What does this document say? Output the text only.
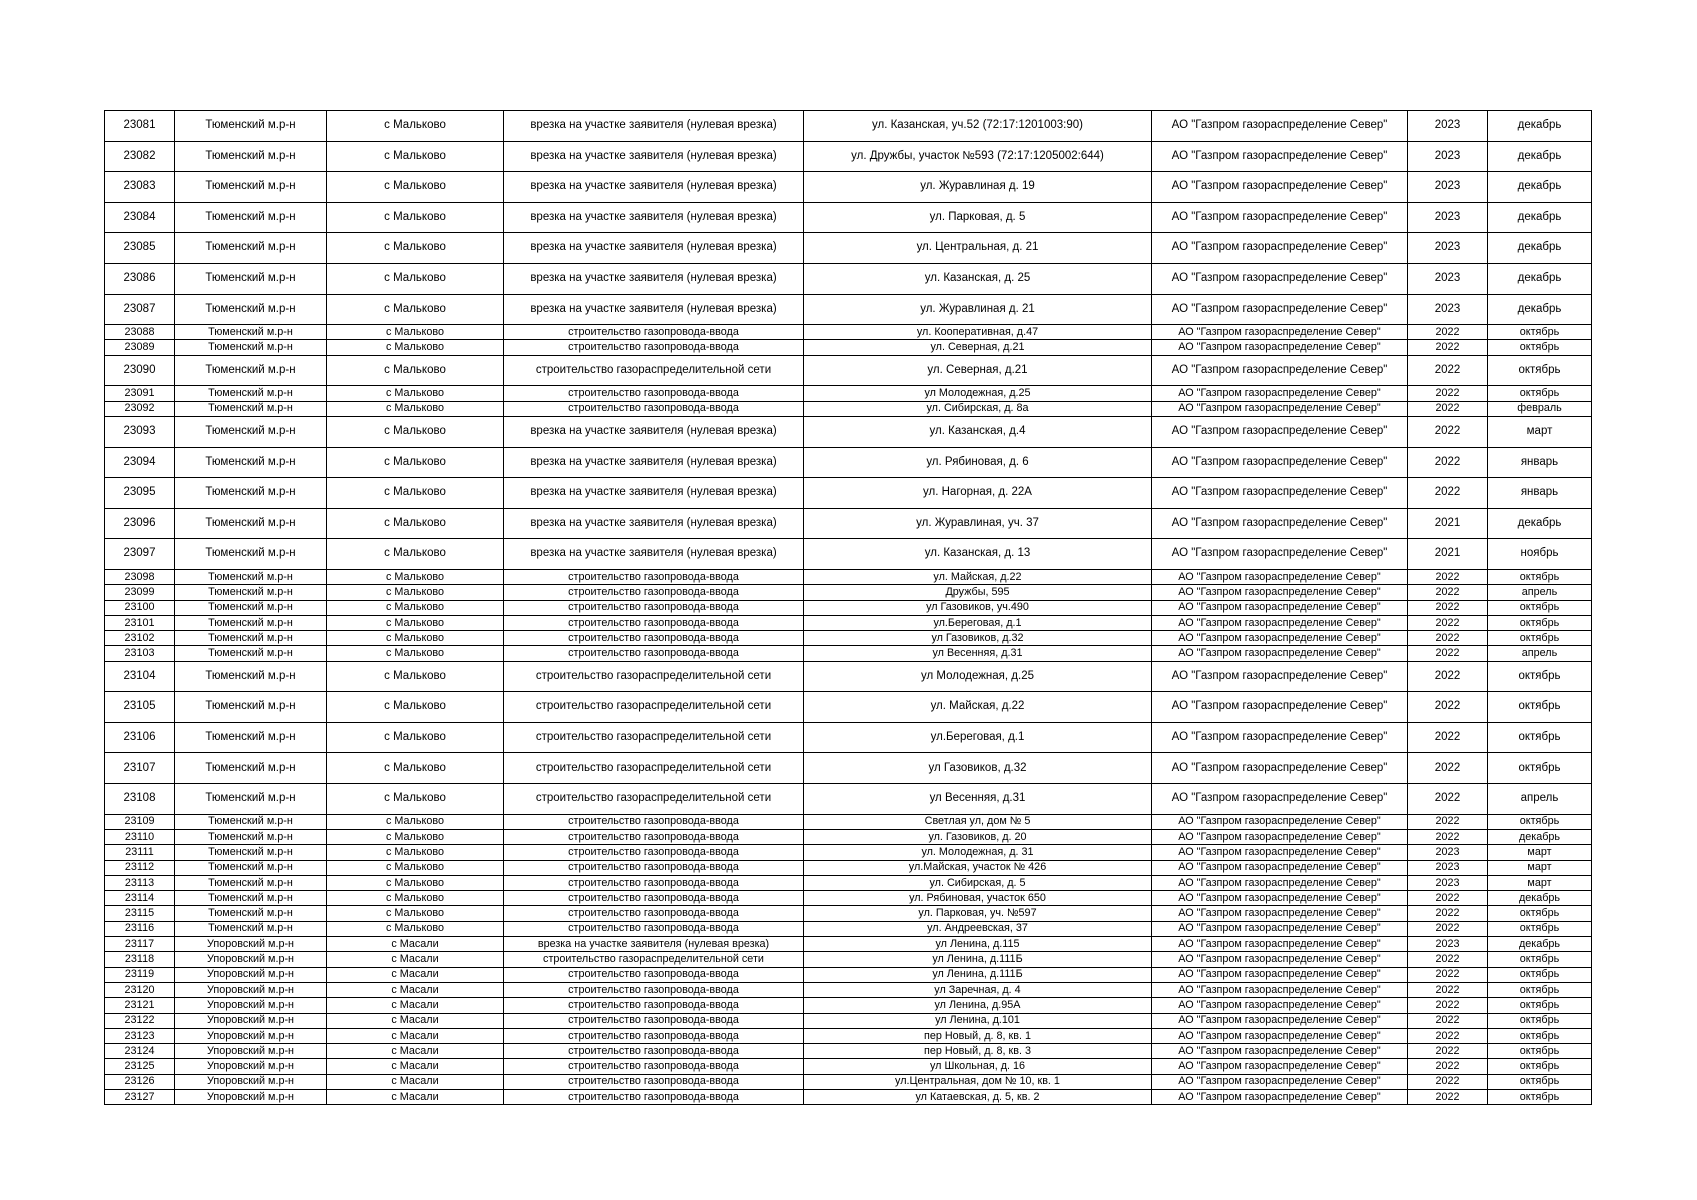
23081	Тюменский м.р-н	с Мальково	врезка на участке заявителя (нулевая врезка)	ул. Казанская, уч.52 (72:17:1201003:90)	АО "Газпром газораспределение Север"	2023	декабрь
23082	Тюменский м.р-н	с Мальково	врезка на участке заявителя (нулевая врезка)	ул. Дружбы, участок №593 (72:17:1205002:644)	АО "Газпром газораспределение Север"	2023	декабрь
23083	Тюменский м.р-н	с Мальково	врезка на участке заявителя (нулевая врезка)	ул. Журавлиная д. 19	АО "Газпром газораспределение Север"	2023	декабрь
23084	Тюменский м.р-н	с Мальково	врезка на участке заявителя (нулевая врезка)	ул. Парковая, д. 5	АО "Газпром газораспределение Север"	2023	декабрь
23085	Тюменский м.р-н	с Мальково	врезка на участке заявителя (нулевая врезка)	ул. Центральная, д. 21	АО "Газпром газораспределение Север"	2023	декабрь
23086	Тюменский м.р-н	с Мальково	врезка на участке заявителя (нулевая врезка)	ул. Казанская, д. 25	АО "Газпром газораспределение Север"	2023	декабрь
23087	Тюменский м.р-н	с Мальково	врезка на участке заявителя (нулевая врезка)	ул. Журавлиная д. 21	АО "Газпром газораспределение Север"	2023	декабрь
23088	Тюменский м.р-н	с Мальково	строительство газопровода-ввода	ул. Кооперативная, д.47	АО "Газпром газораспределение Север"	2022	октябрь
23089	Тюменский м.р-н	с Мальково	строительство газопровода-ввода	ул. Северная, д.21	АО "Газпром газораспределение Север"	2022	октябрь
23090	Тюменский м.р-н	с Мальково	строительство газораспределительной сети	ул. Северная, д.21	АО "Газпром газораспределение Север"	2022	октябрь
23091	Тюменский м.р-н	с Мальково	строительство газопровода-ввода	ул Молодежная, д.25	АО "Газпром газораспределение Север"	2022	октябрь
23092	Тюменский м.р-н	с Мальково	строительство газопровода-ввода	ул. Сибирская, д. 8а	АО "Газпром газораспределение Север"	2022	февраль
23093	Тюменский м.р-н	с Мальково	врезка на участке заявителя (нулевая врезка)	ул. Казанская, д.4	АО "Газпром газораспределение Север"	2022	март
23094	Тюменский м.р-н	с Мальково	врезка на участке заявителя (нулевая врезка)	ул. Рябиновая, д. 6	АО "Газпром газораспределение Север"	2022	январь
23095	Тюменский м.р-н	с Мальково	врезка на участке заявителя (нулевая врезка)	ул. Нагорная, д. 22А	АО "Газпром газораспределение Север"	2022	январь
23096	Тюменский м.р-н	с Мальково	врезка на участке заявителя (нулевая врезка)	ул. Журавлиная, уч. 37	АО "Газпром газораспределение Север"	2021	декабрь
23097	Тюменский м.р-н	с Мальково	врезка на участке заявителя (нулевая врезка)	ул. Казанская, д. 13	АО "Газпром газораспределение Север"	2021	ноябрь
23098	Тюменский м.р-н	с Мальково	строительство газопровода-ввода	ул. Майская, д.22	АО "Газпром газораспределение Север"	2022	октябрь
23099	Тюменский м.р-н	с Мальково	строительство газопровода-ввода	Дружбы, 595	АО "Газпром газораспределение Север"	2022	апрель
23100	Тюменский м.р-н	с Мальково	строительство газопровода-ввода	ул Газовиков, уч.490	АО "Газпром газораспределение Север"	2022	октябрь
23101	Тюменский м.р-н	с Мальково	строительство газопровода-ввода	ул.Береговая, д.1	АО "Газпром газораспределение Север"	2022	октябрь
23102	Тюменский м.р-н	с Мальково	строительство газопровода-ввода	ул Газовиков, д.32	АО "Газпром газораспределение Север"	2022	октябрь
23103	Тюменский м.р-н	с Мальково	строительство газопровода-ввода	ул Весенняя, д.31	АО "Газпром газораспределение Север"	2022	апрель
23104	Тюменский м.р-н	с Мальково	строительство газораспределительной сети	ул Молодежная, д.25	АО "Газпром газораспределение Север"	2022	октябрь
23105	Тюменский м.р-н	с Мальково	строительство газораспределительной сети	ул. Майская, д.22	АО "Газпром газораспределение Север"	2022	октябрь
23106	Тюменский м.р-н	с Мальково	строительство газораспределительной сети	ул.Береговая, д.1	АО "Газпром газораспределение Север"	2022	октябрь
23107	Тюменский м.р-н	с Мальково	строительство газораспределительной сети	ул Газовиков, д.32	АО "Газпром газораспределение Север"	2022	октябрь
23108	Тюменский м.р-н	с Мальково	строительство газораспределительной сети	ул Весенняя, д.31	АО "Газпром газораспределение Север"	2022	апрель
23109	Тюменский м.р-н	с Мальково	строительство газопровода-ввода	Светлая ул, дом № 5	АО "Газпром газораспределение Север"	2022	октябрь
23110	Тюменский м.р-н	с Мальково	строительство газопровода-ввода	ул. Газовиков, д. 20	АО "Газпром газораспределение Север"	2022	декабрь
23111	Тюменский м.р-н	с Мальково	строительство газопровода-ввода	ул. Молодежная, д. 31	АО "Газпром газораспределение Север"	2023	март
23112	Тюменский м.р-н	с Мальково	строительство газопровода-ввода	ул.Майская, участок № 426	АО "Газпром газораспределение Север"	2023	март
23113	Тюменский м.р-н	с Мальково	строительство газопровода-ввода	ул. Сибирская, д. 5	АО "Газпром газораспределение Север"	2023	март
23114	Тюменский м.р-н	с Мальково	строительство газопровода-ввода	ул. Рябиновая, участок 650	АО "Газпром газораспределение Север"	2022	декабрь
23115	Тюменский м.р-н	с Мальково	строительство газопровода-ввода	ул. Парковая, уч. №597	АО "Газпром газораспределение Север"	2022	октябрь
23116	Тюменский м.р-н	с Мальково	строительство газопровода-ввода	ул. Андреевская, 37	АО "Газпром газораспределение Север"	2022	октябрь
23117	Упоровский м.р-н	с Масали	врезка на участке заявителя (нулевая врезка)	ул Ленина, д.115	АО "Газпром газораспределение Север"	2023	декабрь
23118	Упоровский м.р-н	с Масали	строительство газораспределительной сети	ул Ленина, д.111Б	АО "Газпром газораспределение Север"	2022	октябрь
23119	Упоровский м.р-н	с Масали	строительство газопровода-ввода	ул Ленина, д.111Б	АО "Газпром газораспределение Север"	2022	октябрь
23120	Упоровский м.р-н	с Масали	строительство газопровода-ввода	ул Заречная, д. 4	АО "Газпром газораспределение Север"	2022	октябрь
23121	Упоровский м.р-н	с Масали	строительство газопровода-ввода	ул Ленина, д.95А	АО "Газпром газораспределение Север"	2022	октябрь
23122	Упоровский м.р-н	с Масали	строительство газопровода-ввода	ул Ленина, д.101	АО "Газпром газораспределение Север"	2022	октябрь
23123	Упоровский м.р-н	с Масали	строительство газопровода-ввода	пер Новый, д. 8, кв. 1	АО "Газпром газораспределение Север"	2022	октябрь
23124	Упоровский м.р-н	с Масали	строительство газопровода-ввода	пер Новый, д. 8, кв. 3	АО "Газпром газораспределение Север"	2022	октябрь
23125	Упоровский м.р-н	с Масали	строительство газопровода-ввода	ул Школьная, д. 16	АО "Газпром газораспределение Север"	2022	октябрь
23126	Упоровский м.р-н	с Масали	строительство газопровода-ввода	ул.Центральная, дом № 10, кв. 1	АО "Газпром газораспределение Север"	2022	октябрь
23127	Упоровский м.р-н	с Масали	строительство газопровода-ввода	ул Катаевская, д. 5, кв. 2	АО "Газпром газораспределение Север"	2022	октябрь
